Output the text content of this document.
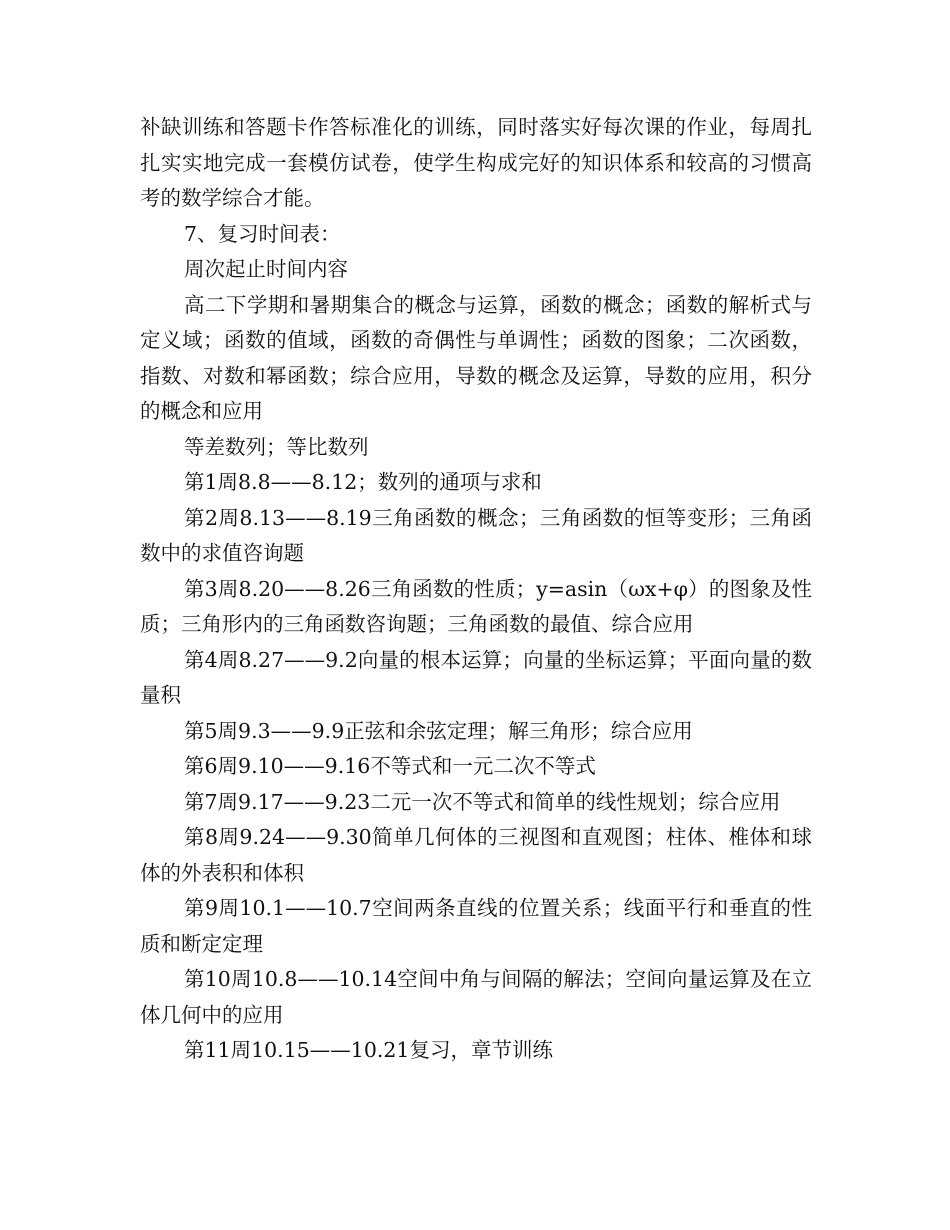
补缺训练和答题卡作答标准化的训练，同时落实好每次课的作业，每周扎扎实实地完成一套模仿试卷，使学生构成完好的知识体系和较高的习惯高考的数学综合才能。

7、复习时间表：

周次起止时间内容

高二下学期和暑期集合的概念与运算，函数的概念；函数的解析式与定义域；函数的值域，函数的奇偶性与单调性；函数的图象；二次函数，指数、对数和幂函数；综合应用，导数的概念及运算，导数的应用，积分的概念和应用

等差数列；等比数列

第1周8.8——8.12；数列的通项与求和

第2周8.13——8.19三角函数的概念；三角函数的恒等变形；三角函数中的求值咨询题

第3周8.20——8.26三角函数的性质；y=asin（ωx+φ）的图象及性质；三角形内的三角函数咨询题；三角函数的最值、综合应用

第4周8.27——9.2向量的根本运算；向量的坐标运算；平面向量的数量积

第5周9.3——9.9正弦和余弦定理；解三角形；综合应用

第6周9.10——9.16不等式和一元二次不等式

第7周9.17——9.23二元一次不等式和简单的线性规划；综合应用

第8周9.24——9.30简单几何体的三视图和直观图；柱体、椎体和球体的外表积和体积

第9周10.1——10.7空间两条直线的位置关系；线面平行和垂直的性质和断定定理

第10周10.8——10.14空间中角与间隔的解法；空间向量运算及在立体几何中的应用

第11周10.15——10.21复习，章节训练
